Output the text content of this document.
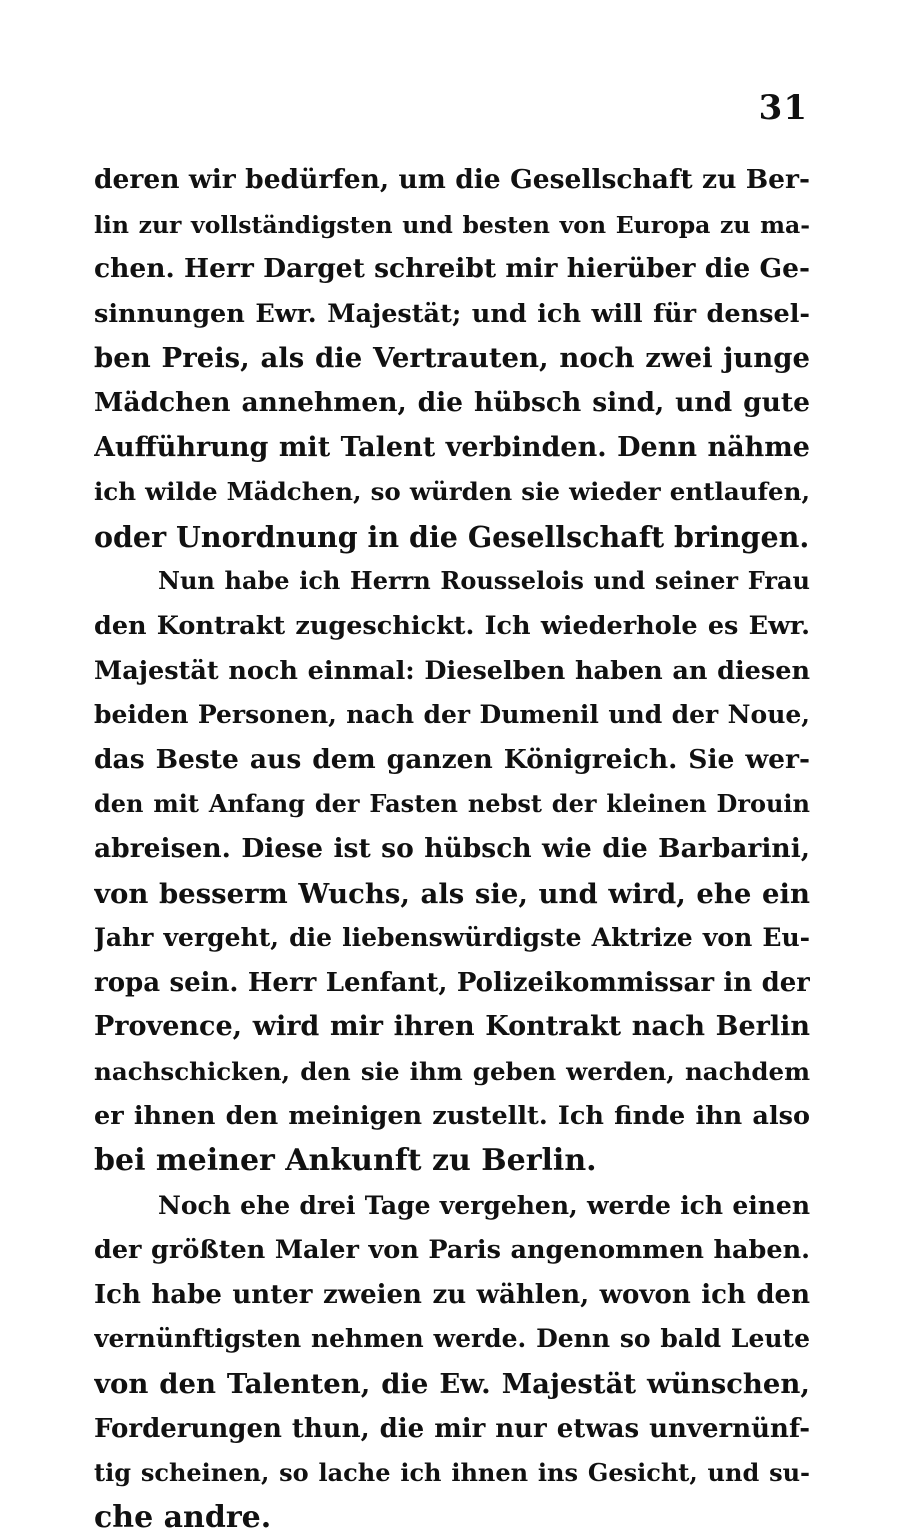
31
deren wir bedürfen, um die Gesellschaft zu Ber-
lin zur vollständigsten und besten von Europa zu ma-
chen. Herr Darget schreibt mir hierüber die Ge-
sinnungen Ewr. Majestät; und ich will für densel-
ben Preis, als die Vertrauten, noch zwei junge
Mädchen annehmen, die hübsch sind, und gute
Aufführung mit Talent verbinden. Denn nähme
ich wilde Mädchen, so würden sie wieder entlaufen,
oder Unordnung in die Gesellschaft bringen.
Nun habe ich Herrn Rousselois und seiner Frau
den Kontrakt zugeschickt. Ich wiederhole es Ewr.
Majestät noch einmal: Dieselben haben an diesen
beiden Personen, nach der Dumenil und der Noue,
das Beste aus dem ganzen Königreich. Sie wer-
den mit Anfang der Fasten nebst der kleinen Drouin
abreisen. Diese ist so hübsch wie die Barbarini,
von besserm Wuchs, als sie, und wird, ehe ein
Jahr vergeht, die liebenswürdigste Aktrize von Eu-
ropa sein. Herr Lenfant, Polizeikommissar in der
Provence, wird mir ihren Kontrakt nach Berlin
nachschicken, den sie ihm geben werden, nachdem
er ihnen den meinigen zustellt. Ich finde ihn also
bei meiner Ankunft zu Berlin.
Noch ehe drei Tage vergehen, werde ich einen
der größten Maler von Paris angenommen haben.
Ich habe unter zweien zu wählen, wovon ich den
vernünftigsten nehmen werde. Denn so bald Leute
von den Talenten, die Ew. Majestät wünschen,
Forderungen thun, die mir nur etwas unvernünf-
tig scheinen, so lache ich ihnen ins Gesicht, und su-
che andre.
